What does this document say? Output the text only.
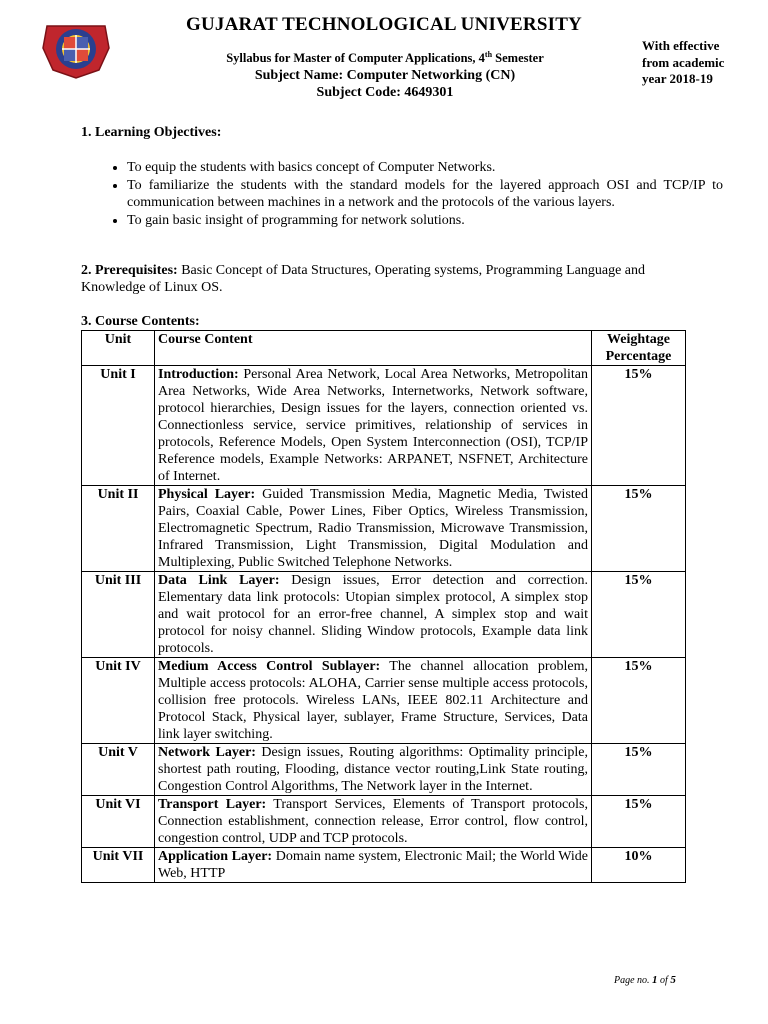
GUJARAT TECHNOLOGICAL UNIVERSITY
Syllabus for Master of Computer Applications, 4th Semester
Subject Name: Computer Networking (CN)
Subject Code: 4649301
With effective
from academic
year 2018-19
1. Learning Objectives:
• To equip the students with basics concept of Computer Networks.
• To familiarize the students with the standard models for the layered approach OSI and TCP/IP to communication between machines in a network and the protocols of the various layers.
• To gain basic insight of programming for network solutions.
2. Prerequisites: Basic Concept of Data Structures, Operating systems, Programming Language and Knowledge of Linux OS.
3. Course Contents:
Unit	Course Content	Weightage Percentage
Unit I	Introduction: Personal Area Network, Local Area Networks, Metropolitan Area Networks, Wide Area Networks, Internetworks, Network software, protocol hierarchies, Design issues for the layers, connection oriented vs. Connectionless service, service primitives, relationship of services in protocols, Reference Models, Open System Interconnection (OSI), TCP/IP Reference models, Example Networks: ARPANET, NSFNET, Architecture of Internet.	15%
Unit II	Physical Layer: Guided Transmission Media, Magnetic Media, Twisted Pairs, Coaxial Cable, Power Lines, Fiber Optics, Wireless Transmission, Electromagnetic Spectrum, Radio Transmission, Microwave Transmission, Infrared Transmission, Light Transmission, Digital Modulation and Multiplexing, Public Switched Telephone Networks.	15%
Unit III	Data Link Layer: Design issues, Error detection and correction. Elementary data link protocols: Utopian simplex protocol, A simplex stop and wait protocol for an error-free channel, A simplex stop and wait protocol for noisy channel. Sliding Window protocols, Example data link protocols.	15%
Unit IV	Medium Access Control Sublayer: The channel allocation problem, Multiple access protocols: ALOHA, Carrier sense multiple access protocols, collision free protocols. Wireless LANs, IEEE 802.11 Architecture and Protocol Stack, Physical layer, sublayer, Frame Structure, Services, Data link layer switching.	15%
Unit V	Network Layer: Design issues, Routing algorithms: Optimality principle, shortest path routing, Flooding, distance vector routing,Link State routing, Congestion Control Algorithms, The Network layer in the Internet.	15%
Unit VI	Transport Layer: Transport Services, Elements of Transport protocols, Connection establishment, connection release, Error control, flow control, congestion control, UDP and TCP protocols.	15%
Unit VII	Application Layer: Domain name system, Electronic Mail; the World Wide Web, HTTP	10%
Page no. 1 of 5
